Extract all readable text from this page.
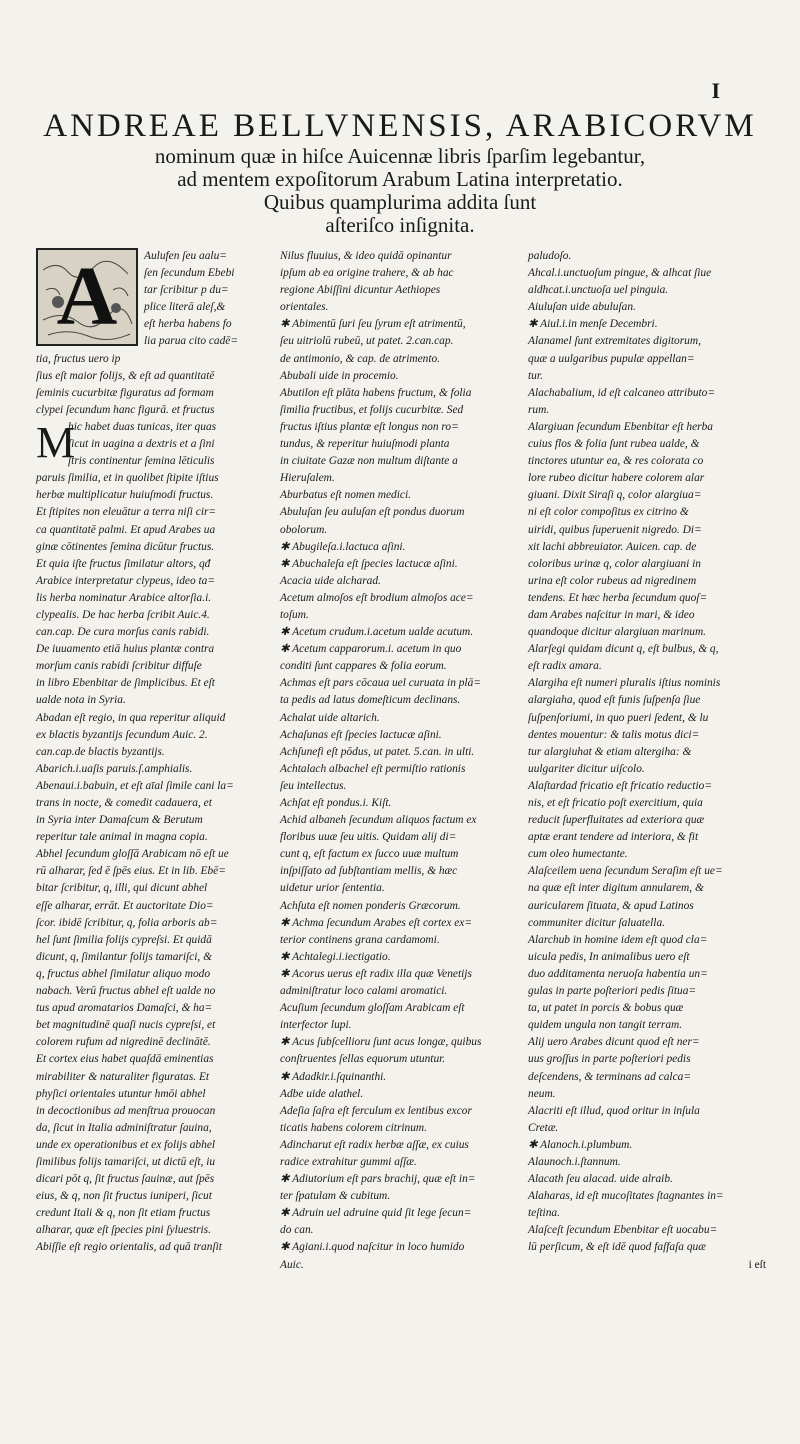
I
ANDREAE BELLVNENSIS, ARABICORVM

nominum quæ in hiſce Auicennæ libris ſparſim legebantur,

ad mentem expoſitorum Arabum Latina interpretatio.

Quibus quamplurima addita ſunt

aſteriſco inſignita.

A	Aulufen ſeu aalu=

ſen ſecundum Ebebi

tar ſcribitur p du=

plice literā aleſ,&

eſt herba habens fo

lia parua cito cadē=

tia, fructus uero ip

ſius eſt maior folijs, & eſt ad quantitatē

ſeminis cucurbitæ figuratus ad formam

clypei ſecundum hanc figurā. et fructus

M

hic habet duas tunicas, iter quas

ſicut in uagina a dextris et a ſini

ſtris continentur ſemina lēticulis

paruis ſimilia, et in quolibet ſtipite iſtius

herbæ multiplicatur huiuſmodi fructus.

Et ſtipites non eleuātur a terra niſi cir=

ca quantitatē palmi. Et apud Arabes ua

ginæ cōtinentes ſemina dicūtur fructus.

Et quia iſte fructus ſimilatur altors, qđ

Arabice interpretatur clypeus, ideo ta=

lis herba nominatur Arabice altorſia.i.

clypealis. De hac herba ſcribit Auic.4.

can.cap. De cura morſus canis rabidi.

De iuuamento etiā huius plantæ contra

morſum canis rabidi ſcribitur diffuſe

in libro Ebenbitar de ſimplicibus. Et eſt

ualde nota in Syria.

Abadan eſt regio, in qua reperitur aliquid

ex blactis byzantijs ſecundum Auic. 2.

can.cap.de blactis byzantijs.

Abarich.i.uaſis paruis.ſ.amphialis.

Abenaui.i.babuin, et eſt aīal ſimile cani la=

trans in nocte, & comedit cadauera, et

in Syria inter Damaſcum & Berutum

reperitur tale animal in magna copia.

Abhel ſecundum gloſſā Arabicam nō eſt ue

rū alharar, ſed ē ſpēs eius. Et in lib. Ebē=

bitar ſcribitur, q, illi, qui dicunt abhel

eſſe alharar, errāt. Et auctoritate Dio=

ſcor. ibidē ſcribitur, q, folia arboris ab=

hel ſunt ſimilia folijs cypreſsi. Et quidā

dicunt, q, ſimilantur folijs tamariſci, &

q, fructus abhel ſimilatur aliquo modo

nabach. Verū fructus abhel eſt ualde no

tus apud aromatarios Damaſci, & ha=

bet magnitudinē quaſi nucis cypreſsi, et

colorem rufum ad nigredinē declinātē.

Et cortex eius habet quaſdā eminentias

mirabiliter & naturaliter figuratas. Et

phyſici orientales utuntur hmōi abhel

in decoctionibus ad menſtrua prouocan

da, ſicut in Italia adminiſtratur ſauina,

unde ex operationibus et ex folijs abhel

ſimilibus folijs tamariſci, ut dictū eſt, iu

dicari pōt q, ſit fructus ſauinæ, aut ſpēs

eius, & q, non ſit fructus iuniperi, ſicut

credunt Itali & q, non ſit etiam fructus

alharar, quæ eſt ſpecies pini ſyluestris.

Abiſſie eſt regio orientalis, ad quā tranſit

Nilus fluuius, & ideo quidā opinantur

ipſum ab ea origine trahere, & ab hac

regione Abiſſini dicuntur Aethiopes

orientales.

✱ Abimentū ſuri ſeu ſyrum eſt atrimentū,

ſeu uitriolū rubeū, ut patet. 2.can.cap.

de antimonio, & cap. de atrimento.

Abubali uide in procemio.

Abutilon eſt plāta habens fructum, & folia

ſimilia fructibus, et folijs cucurbitæ. Sed

fructus iſtius plantæ eſt longus non ro=

tundus, & reperitur huiuſmodi planta

in ciuitate Gazæ non multum diſtante a

Hieruſalem.

Aburbatus eſt nomen medici.

Abuluſan ſeu auluſan eſt pondus duorum

obolorum.

✱ Abugileſa.i.lactuca aſini.

✱ Abuchaleſa eſt ſpecies lactucæ aſini.

Acacia uide alcharad.

Acetum almoſos eſt brodium almoſos ace=

toſum.

✱ Acetum crudum.i.acetum ualde acutum.

✱ Acetum capparorum.i. acetum in quo

conditi ſunt cappares & folia eorum.

Achmas eſt pars cōcaua uel curuata in plā=

ta pedis ad latus domeſticum declinans.

Achalat uide altarich.

Achaſunas eſt ſpecies lactucæ aſini.

Achſunefi eſt pōdus, ut patet. 5.can. in ulti.

Achtalach albachel eſt permiſtio rationis

ſeu intellectus.

Achſat eſt pondus.i. Kiſt.

Achid albaneh ſecundum aliquos factum ex

floribus uuæ ſeu uitis. Quidam alij di=

cunt q, eſt factum ex ſucco uuæ multum

inſpiſſato ad ſubſtantiam mellis, & hæc

uidetur urior ſententia.

Achſuta eſt nomen ponderis Græcorum.

✱ Achma ſecundum Arabes eſt cortex ex=

terior continens grana cardamomi.

✱ Achtalegi.i.iectigatio.

✱ Acorus uerus eſt radix illa quæ Venetijs

adminiſtratur loco calami aromatici.

Acuſium ſecundum gloſſam Arabicam eſt

interfector lupi.

✱ Acus ſubſcellioru ſunt acus longæ, quibus

conſtruentes ſellas equorum utuntur.

✱ Adadkir.i.ſquinanthi.

Adbe uide alathel.

Adeſia ſaſra eſt ferculum ex lentibus excor

ticatis habens colorem citrinum.

Adincharut eſt radix herbæ aſſæ, ex cuius

radice extrahitur gummi aſſæ.

✱ Adiutorium eſt pars brachij, quæ eſt in=

ter ſpatulam & cubitum.

✱ Adruin uel adruine quid ſit lege ſecun=

do can.

✱ Agiani.i.quod naſcitur in loco humido

Auic.

paludoſo.

Ahcal.i.unctuoſum pingue, & alhcat ſiue

aldhcat.i.unctuoſa uel pinguia.

Aiuluſan uide abuluſan.

✱ Aiul.i.in menſe Decembri.

Alanamel ſunt extremitates digitorum,

quæ a uulgaribus pupulæ appellan=

tur.

Alachabalium, id eſt calcaneo attributo=

rum.

Alargiuan ſecundum Ebenbitar eſt herba

cuius flos & folia ſunt rubea ualde, &

tinctores utuntur ea, & res colorata co

lore rubeo dicitur habere colorem alar

giuani. Dixit Siraſi q, color alargiua=

ni eſt color compoſitus ex citrino &

uiridi, quibus ſuperuenit nigredo. Di=

xit lachi abbreuiator. Auicen. cap. de

coloribus urinæ q, color alargiuani in

urina eſt color rubeus ad nigredinem

tendens. Et hæc herba ſecundum quoſ=

dam Arabes naſcitur in mari, & ideo

quandoque dicitur alargiuan marinum.

Alarſegi quidam dicunt q, eſt bulbus, & q,

eſt radix amara.

Alargiha eſt numeri pluralis iſtius nominis

alargiaha, quod eſt funis ſuſpenſa ſiue

ſuſpenſoriumi, in quo pueri ſedent, & lu

dentes mouentur: & talis motus dici=

tur alargiuhat & etiam altergiha: &

uulgariter dicitur uiſcolo.

Alaſtardad fricatio eſt fricatio reductio=

nis, et eſt fricatio poſt exercitium, quia

reducit ſuperfluitates ad exteriora quæ

aptæ erant tendere ad interiora, & fit

cum oleo humectante.

Alaſceilem uena ſecundum Seraſim eſt ue=

na quæ eſt inter digitum annularem, &

auricularem ſituata, & apud Latinos

communiter dicitur ſaluatella.

Alarchub in homine idem eſt quod cla=

uicula pedis, In animalibus uero eſt

duo additamenta neruoſa habentia un=

gulas in parte poſteriori pedis ſitua=

ta, ut patet in porcis & bobus quæ

quidem ungula non tangit terram.

Alij uero Arabes dicunt quod eſt ner=

uus groſſus in parte poſteriori pedis

deſcendens, & terminans ad calca=

neum.

Alacriti eſt illud, quod oritur in inſula

Cretæ.

✱ Alanoch.i.plumbum.

Alaunoch.i.ſtannum.

Alacath ſeu alacad. uide alraib.

Alaharas, id eſt mucoſitates ſtagnantes in=

teſtina.

Alaſceſt ſecundum Ebenbitar eſt uocabu=

lū perſicum, & eſt idē quod faſfaſa quæ

i eſt
